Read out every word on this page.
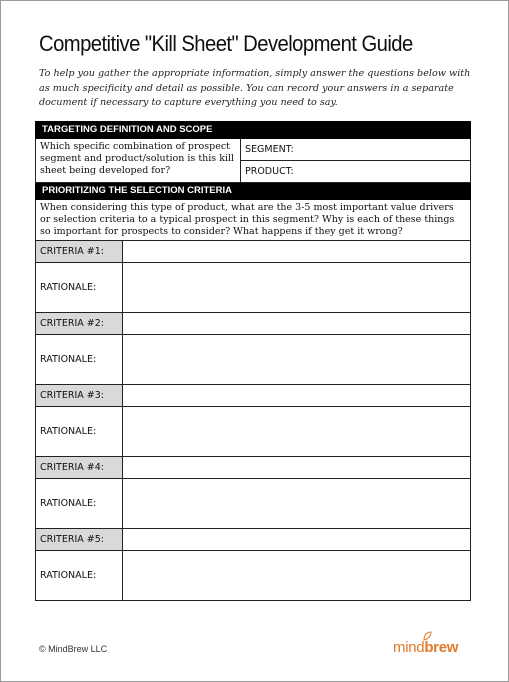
Competitive "Kill Sheet" Development Guide
To help you gather the appropriate information, simply answer the questions below with as much specificity and detail as possible. You can record your answers in a separate document if necessary to capture everything you need to say.
TARGETING DEFINITION AND SCOPE		
Which specific combination of prospect segment and product/solution is this kill sheet being developed for?		SEGMENT:
		PRODUCT:
PRIORITIZING THE SELECTION CRITERIA		
When considering this type of product, what are the 3-5 most important value drivers or selection criteria to a typical prospect in this segment? Why is each of these things so important for prospects to consider? What happens if they get it wrong?		
CRITERIA #1:		
RATIONALE:		
CRITERIA #2:		
RATIONALE:		
CRITERIA #3:		
RATIONALE:		
CRITERIA #4:		
RATIONALE:		
CRITERIA #5:		
RATIONALE:		
© MindBrew LLC	mindbrew
